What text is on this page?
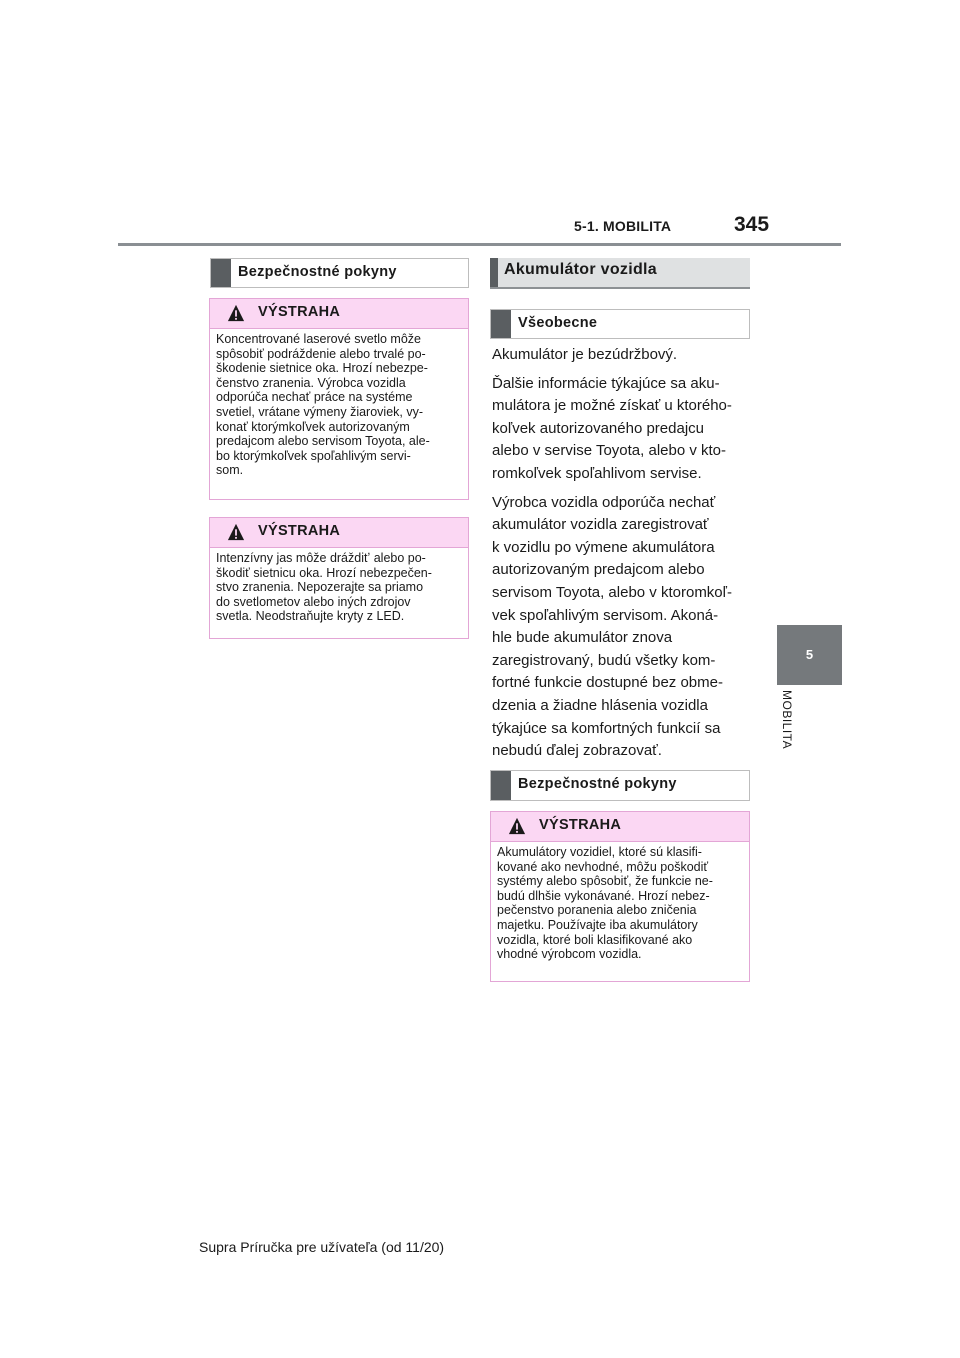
5-1. MOBILITA	345
5
MOBILITA
Bezpečnostné pokyny
VÝSTRAHA
Koncentrované laserové svetlo môže
spôsobiť podráždenie alebo trvalé po-
škodenie sietnice oka. Hrozí nebezpe-
čenstvo zranenia. Výrobca vozidla
odporúča nechať práce na systéme
svetiel, vrátane výmeny žiaroviek, vy-
konať ktorýmkoľvek autorizovaným
predajcom alebo servisom Toyota, ale-
bo ktorýmkoľvek spoľahlivým servi-
som.
VÝSTRAHA
Intenzívny jas môže drážditʼ alebo po-
škodiť sietnicu oka. Hrozí nebezpečen-
stvo zranenia. Nepozerajte sa priamo
do svetlometov alebo iných zdrojov
svetla. Neodstraňujte kryty z LED.
Akumulátor vozidla
Všeobecne

Akumulátor je bezúdržbový.

Ďalšie informácie týkajúce sa aku-
mulátora je možné získať u ktorého-
koľvek autorizovaného predajcu
alebo v servise Toyota, alebo v kto-
romkoľvek spoľahlivom servise.

Výrobca vozidla odporúča nechať
akumulátor vozidla zaregistrovať
k vozidlu po výmene akumulátora
autorizovaným predajcom alebo
servisom Toyota, alebo v ktoromkoľ-
vek spoľahlivým servisom. Akoná-
hle bude akumulátor znova
zaregistrovaný, budú všetky kom-
fortné funkcie dostupné bez obme-
dzenia a žiadne hlásenia vozidla
týkajúce sa komfortných funkcií sa
nebudú ďalej zobrazovať.

Bezpečnostné pokyny
VÝSTRAHA
Akumulátory vozidiel, ktoré sú klasifi-
kované ako nevhodné, môžu poškodiť
systémy alebo spôsobiť, že funkcie ne-
budú dlhšie vykonávané. Hrozí nebez-
pečenstvo poranenia alebo zničenia
majetku. Používajte iba akumulátory
vozidla, ktoré boli klasifikované ako
vhodné výrobcom vozidla.
Supra Príručka pre užívateľa (od 11/20)
